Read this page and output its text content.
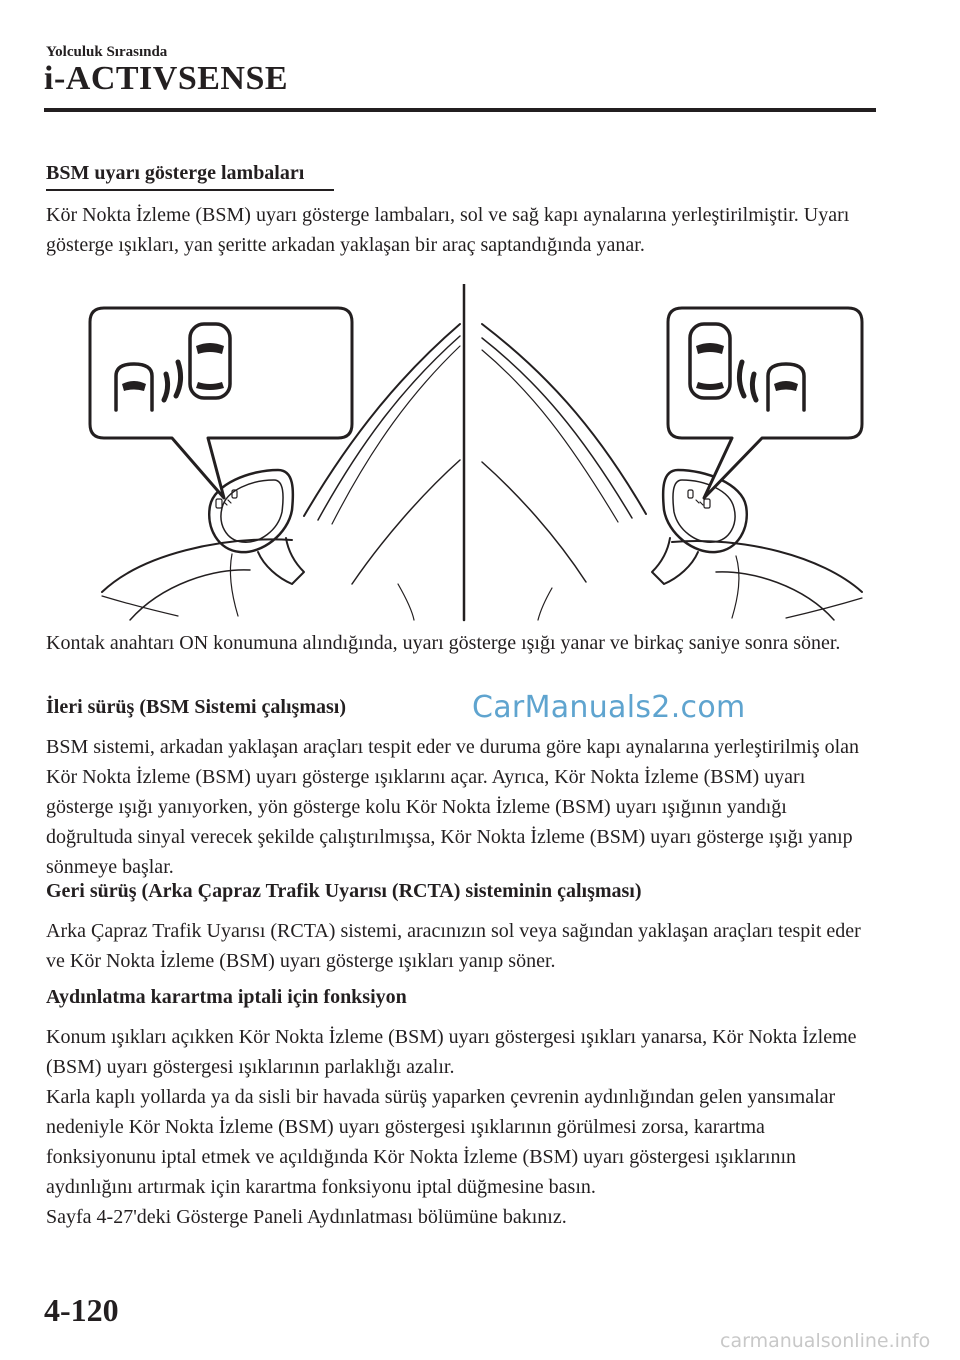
Yolculuk Sırasında
i-ACTIVSENSE
BSM uyarı gösterge lambaları

Kör Nokta İzleme (BSM) uyarı gösterge lambaları, sol ve sağ kapı aynalarına yerleştirilmiştir. Uyarı gösterge ışıkları, yan şeritte arkadan yaklaşan bir araç saptandığında yanar.

Kontak anahtarı ON konumuna alındığında, uyarı gösterge ışığı yanar ve birkaç saniye sonra söner.

İleri sürüş (BSM Sistemi çalışması)	CarManuals2.com

BSM sistemi, arkadan yaklaşan araçları tespit eder ve duruma göre kapı aynalarına yerleştirilmiş olan Kör Nokta İzleme (BSM) uyarı gösterge ışıklarını açar. Ayrıca, Kör Nokta İzleme (BSM) uyarı gösterge ışığı yanıyorken, yön gösterge kolu Kör Nokta İzleme (BSM) uyarı ışığının yandığı doğrultuda sinyal verecek şekilde çalıştırılmışsa, Kör Nokta İzleme (BSM) uyarı gösterge ışığı yanıp sönmeye başlar.

Geri sürüş (Arka Çapraz Trafik Uyarısı (RCTA) sisteminin çalışması)

Arka Çapraz Trafik Uyarısı (RCTA) sistemi, aracınızın sol veya sağından yaklaşan araçları tespit eder ve Kör Nokta İzleme (BSM) uyarı gösterge ışıkları yanıp söner.

Aydınlatma karartma iptali için fonksiyon

Konum ışıkları açıkken Kör Nokta İzleme (BSM) uyarı göstergesi ışıkları yanarsa, Kör Nokta İzleme (BSM) uyarı göstergesi ışıklarının parlaklığı azalır.

Karla kaplı yollarda ya da sisli bir havada sürüş yaparken çevrenin aydınlığından gelen yansımalar nedeniyle Kör Nokta İzleme (BSM) uyarı göstergesi ışıklarının görülmesi zorsa, karartma fonksiyonunu iptal etmek ve açıldığında Kör Nokta İzleme (BSM) uyarı göstergesi ışıklarının aydınlığını artırmak için karartma fonksiyonu iptal düğmesine basın.

Sayfa 4-27'deki Gösterge Paneli Aydınlatması bölümüne bakınız.

4-120
carmanualsonline.info
